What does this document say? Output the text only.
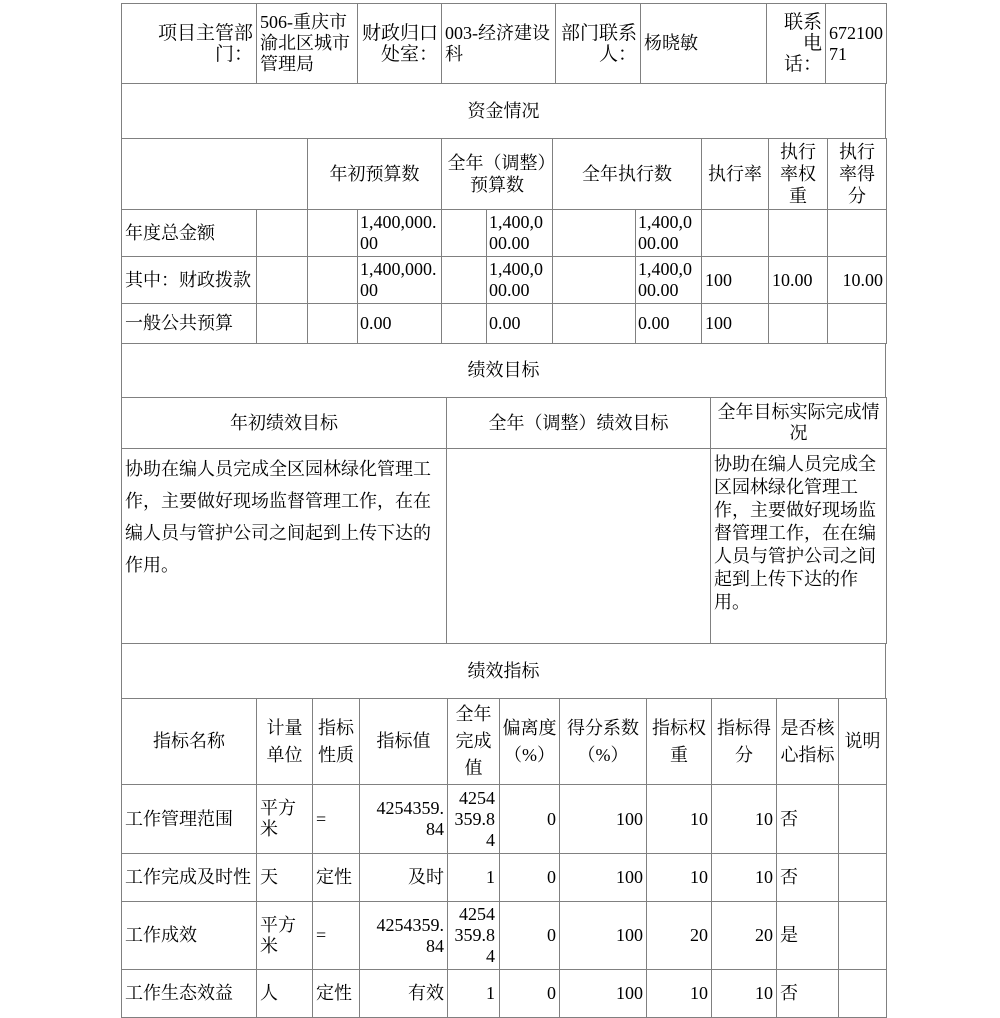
项目主管部门：	506-重庆市渝北区城市管理局	财政归口处室：	003-经济建设科	部门联系人：	杨晓敏	联系电话：	67210071
资金情况
		年初预算数		全年（调整）预算数		全年执行数		执行率	执行率权重	执行率得分
年度总金额			1,400,000.00		1,400,000.00		1,400,000.00			
其中：财政拨款			1,400,000.00		1,400,000.00		1,400,000.00	100	10.00	10.00
一般公共预算			0.00		0.00		0.00	100		
绩效目标
年初绩效目标	全年（调整）绩效目标	全年目标实际完成情况
协助在编人员完成全区园林绿化管理工作，主要做好现场监督管理工作，在在编人员与管护公司之间起到上传下达的作用。		协助在编人员完成全区园林绿化管理工作，主要做好现场监督管理工作，在在编人员与管护公司之间起到上传下达的作用。
绩效指标
指标名称	计量单位	指标性质	指标值	全年完成值	偏离度（%）	得分系数（%）	指标权重	指标得分	是否核心指标	说明
工作管理范围	平方米	=	4254359.84	4254359.84	0	100	10	10	否	
工作完成及时性	天	定性	及时	1	0	100	10	10	否	
工作成效	平方米	=	4254359.84	4254359.84	0	100	20	20	是	
工作生态效益	人	定性	有效	1	0	100	10	10	否	
